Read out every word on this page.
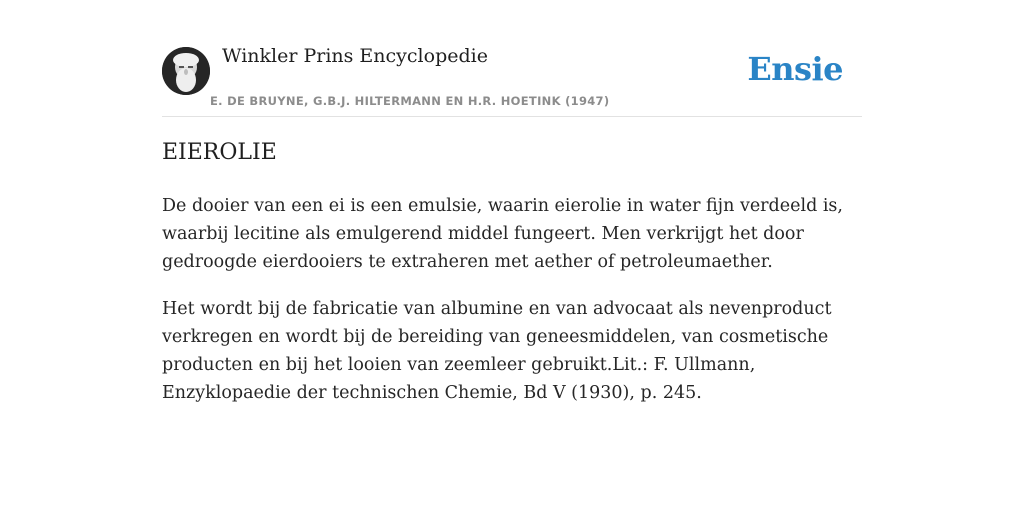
Winkler Prins Encyclopedie
E. DE BRUYNE, G.B.J. HILTERMANN EN H.R. HOETINK (1947)
Ensie
EIEROLIE

De dooier van een ei is een emulsie, waarin eierolie in water fijn verdeeld is, waarbij lecitine als emulgerend middel fungeert. Men verkrijgt het door gedroogde eierdooiers te extraheren met aether of petroleumaether.

Het wordt bij de fabricatie van albumine en van advocaat als nevenproduct verkregen en wordt bij de bereiding van geneesmiddelen, van cosmetische producten en bij het looien van zeemleer gebruikt.Lit.: F. Ullmann, Enzyklopaedie der technischen Chemie, Bd V (1930), p. 245.
